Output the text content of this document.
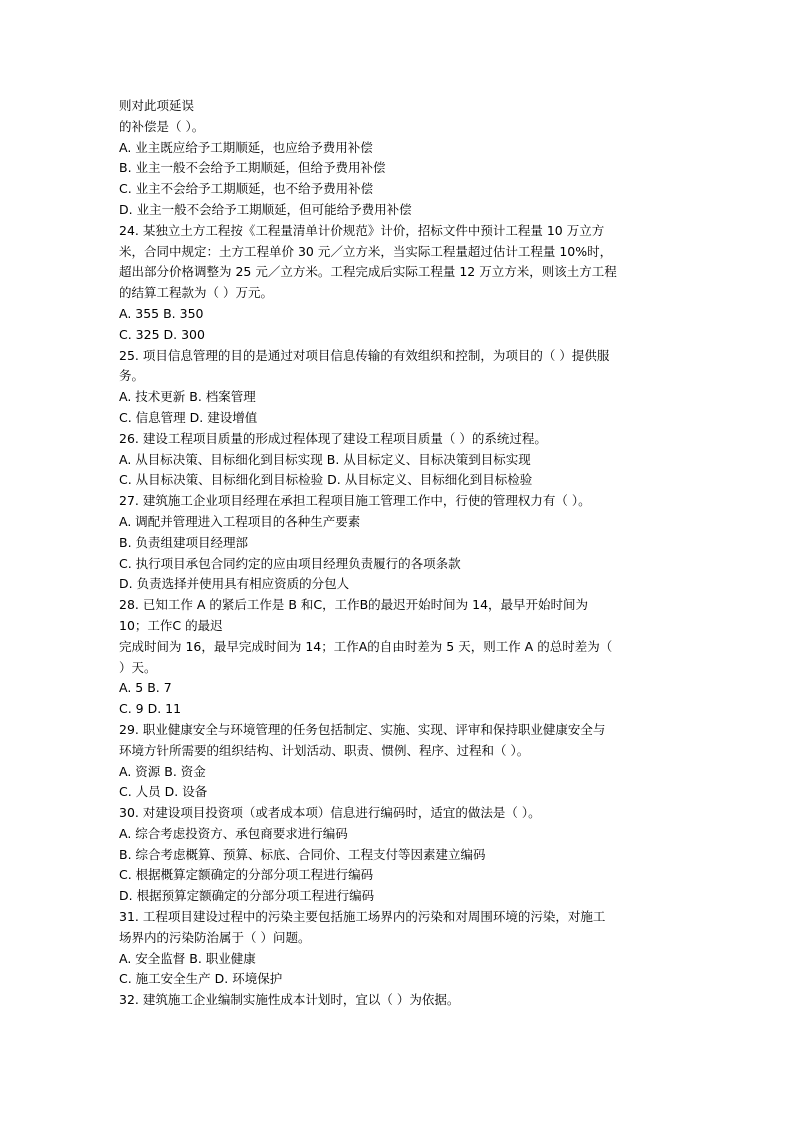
则对此项延误
的补偿是（ ）。
A. 业主既应给予工期顺延，也应给予费用补偿
B. 业主一般不会给予工期顺延，但给予费用补偿
C. 业主不会给予工期顺延，也不给予费用补偿
D. 业主一般不会给予工期顺延，但可能给予费用补偿
24. 某独立土方工程按《工程量清单计价规范》计价，招标文件中预计工程量 10 万立方
米，合同中规定：土方工程单价 30 元／立方米，当实际工程量超过估计工程量 10%时，
超出部分价格调整为 25 元／立方米。工程完成后实际工程量 12 万立方米，则该土方工程
的结算工程款为（ ）万元。
A. 355 B. 350
C. 325 D. 300
25. 项目信息管理的目的是通过对项目信息传输的有效组织和控制，为项目的（ ）提供服
务。
A. 技术更新 B. 档案管理
C. 信息管理 D. 建设增值
26. 建设工程项目质量的形成过程体现了建设工程项目质量（ ）的系统过程。
A. 从目标决策、目标细化到目标实现 B. 从目标定义、目标决策到目标实现
C. 从目标决策、目标细化到目标检验 D. 从目标定义、目标细化到目标检验
27. 建筑施工企业项目经理在承担工程项目施工管理工作中，行使的管理权力有（ ）。
A. 调配并管理进入工程项目的各种生产要素
B. 负责组建项目经理部
C. 执行项目承包合同约定的应由项目经理负责履行的各项条款
D. 负责选择并使用具有相应资质的分包人
28. 已知工作 A 的紧后工作是 B 和C，工作B的最迟开始时间为 14，最早开始时间为
10；工作C 的最迟
完成时间为 16，最早完成时间为 14；工作A的自由时差为 5 天，则工作 A 的总时差为（
）天。
A. 5 B. 7
C. 9 D. 11
29. 职业健康安全与环境管理的任务包括制定、实施、实现、评审和保持职业健康安全与
环境方针所需要的组织结构、计划活动、职责、惯例、程序、过程和（ ）。
A. 资源 B. 资金
C. 人员 D. 设备
30. 对建设项目投资项（或者成本项）信息进行编码时，适宜的做法是（ ）。
A. 综合考虑投资方、承包商要求进行编码
B. 综合考虑概算、预算、标底、合同价、工程支付等因素建立编码
C. 根据概算定额确定的分部分项工程进行编码
D. 根据预算定额确定的分部分项工程进行编码
31. 工程项目建设过程中的污染主要包括施工场界内的污染和对周围环境的污染，对施工
场界内的污染防治属于（ ）问题。
A. 安全监督 B. 职业健康
C. 施工安全生产 D. 环境保护
32. 建筑施工企业编制实施性成本计划时，宜以（ ）为依据。
